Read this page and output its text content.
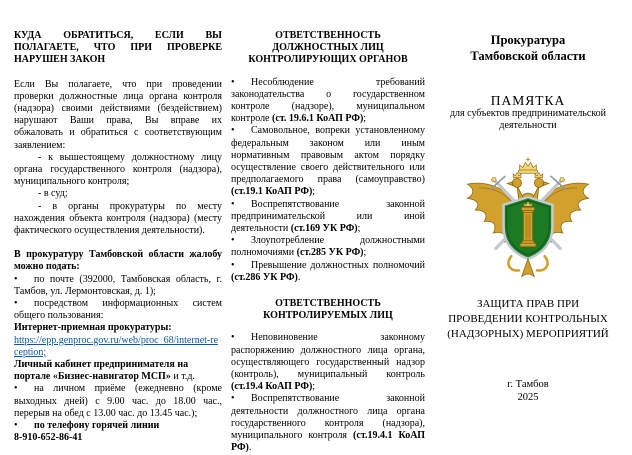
КУДА ОБРАТИТЬСЯ, ЕСЛИ ВЫ ПОЛАГАЕТЕ, ЧТО ПРИ ПРОВЕРКЕ НАРУШЕН ЗАКОН
Если Вы полагаете, что при проведении проверки должностные лица органа контроля (надзора) своими действиями (бездействием) нарушают Ваши права, Вы вправе их обжаловать и обратиться с соответствующим заявлением:
- к вышестоящему должностному лицу органа государственного контроля (надзора), муниципального контроля;
- в суд;
- в органы прокуратуры по месту нахождения объекта контроля (надзора) (месту фактического осуществления деятельности).
В прокуратуру Тамбовской области жалобу можно подать:
• по почте (392000, Тамбовская область, г. Тамбов, ул. Лермонтовская, д. 1);
• посредством информационных систем общего пользования:
Интернет-приемная прокуратуры:
https://epp.genproc.gov.ru/web/proc_68/internet-reception;
Личный кабинет предпринимателя на портале «Бизнес-навигатор МСП» и т.д.
• на личном приёме (ежедневно (кроме выходных дней) с 9.00 час. до 18.00 час., перерыв на обед с 13.00 час. до 13.45 час.);
• по телефону горячей линии
8-910-652-86-41
ОТВЕТСТВЕННОСТЬ ДОЛЖНОСТНЫХ ЛИЦ КОНТРОЛИРУЮЩИХ ОРГАНОВ
• Несоблюдение требований законодательства о государственном контроле (надзоре), муниципальном контроле (ст. 19.6.1 КоАП РФ);
• Самовольное, вопреки установленному федеральным законом или иным нормативным правовым актом порядку осуществление своего действительного или предполагаемого права (самоуправство) (ст.19.1 КоАП РФ);
• Воспрепятствование законной предпринимательской или иной деятельности (ст.169 УК РФ);
• Злоупотребление должностными полномочиями (ст.285 УК РФ);
• Превышение должностных полномочий (ст.286 УК РФ).
ОТВЕТСТВЕННОСТЬ КОНТРОЛИРУЕМЫХ ЛИЦ
• Неповиновение законному распоряжению должностного лица органа, осуществляющего государственный надзор (контроль), муниципальный контроль (ст.19.4 КоАП РФ);
• Воспрепятствование законной деятельности должностного лица органа государственного контроля (надзора), муниципального контроля (ст.19.4.1 КоАП РФ).
Прокуратура Тамбовской области
ПАМЯТКА
для субъектов предпринимательской деятельности
ЗАЩИТА ПРАВ ПРИ ПРОВЕДЕНИИ КОНТРОЛЬНЫХ (НАДЗОРНЫХ) МЕРОПРИЯТИЙ
г. Тамбов
2025
